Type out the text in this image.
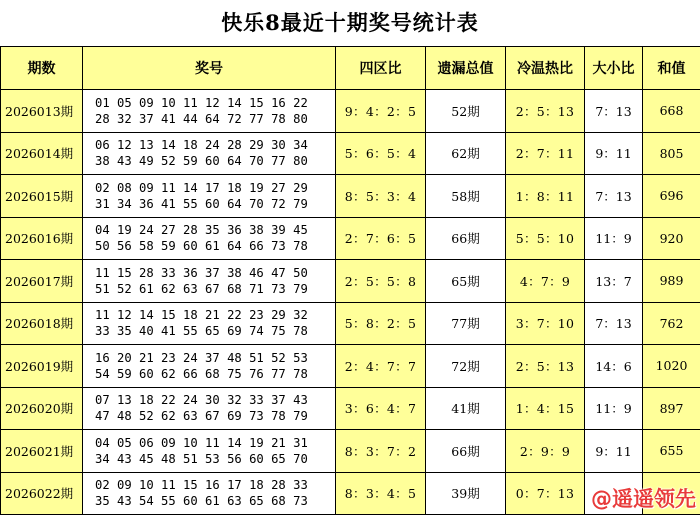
快乐8最近十期奖号统计表
期数	奖号	四区比	遗漏总值	冷温热比	大小比	和值
2026013期	01 05 09 10 11 12 14 15 16 22
28 32 37 41 44 64 72 77 78 80	9：4：2：5	52期	2：5：13	7：13	668
2026014期	06 12 13 14 18 24 28 29 30 34
38 43 49 52 59 60 64 70 77 80	5：6：5：4	62期	2：7：11	9：11	805
2026015期	02 08 09 11 14 17 18 19 27 29
31 34 36 41 55 60 64 70 72 79	8：5：3：4	58期	1：8：11	7：13	696
2026016期	04 19 24 27 28 35 36 38 39 45
50 56 58 59 60 61 64 66 73 78	2：7：6：5	66期	5：5：10	11：9	920
2026017期	11 15 28 33 36 37 38 46 47 50
51 52 61 62 63 67 68 71 73 79	2：5：5：8	65期	4：7：9	13：7	989
2026018期	11 12 14 15 18 21 22 23 29 32
33 35 40 41 55 65 69 74 75 78	5：8：2：5	77期	3：7：10	7：13	762
2026019期	16 20 21 23 24 37 48 51 52 53
54 59 60 62 66 68 75 76 77 78	2：4：7：7	72期	2：5：13	14：6	1020
2026020期	07 13 18 22 24 30 32 33 37 43
47 48 52 62 63 67 69 73 78 79	3：6：4：7	41期	1：4：15	11：9	897
2026021期	04 05 06 09 10 11 14 19 21 31
34 43 45 48 51 53 56 60 65 70	8：3：7：2	66期	2：9：9	9：11	655
2026022期	02 09 10 11 15 16 17 18 28 33
35 43 54 55 60 61 63 65 68 73	8：3：4：5	39期	0：7：13		@遥遥领先
